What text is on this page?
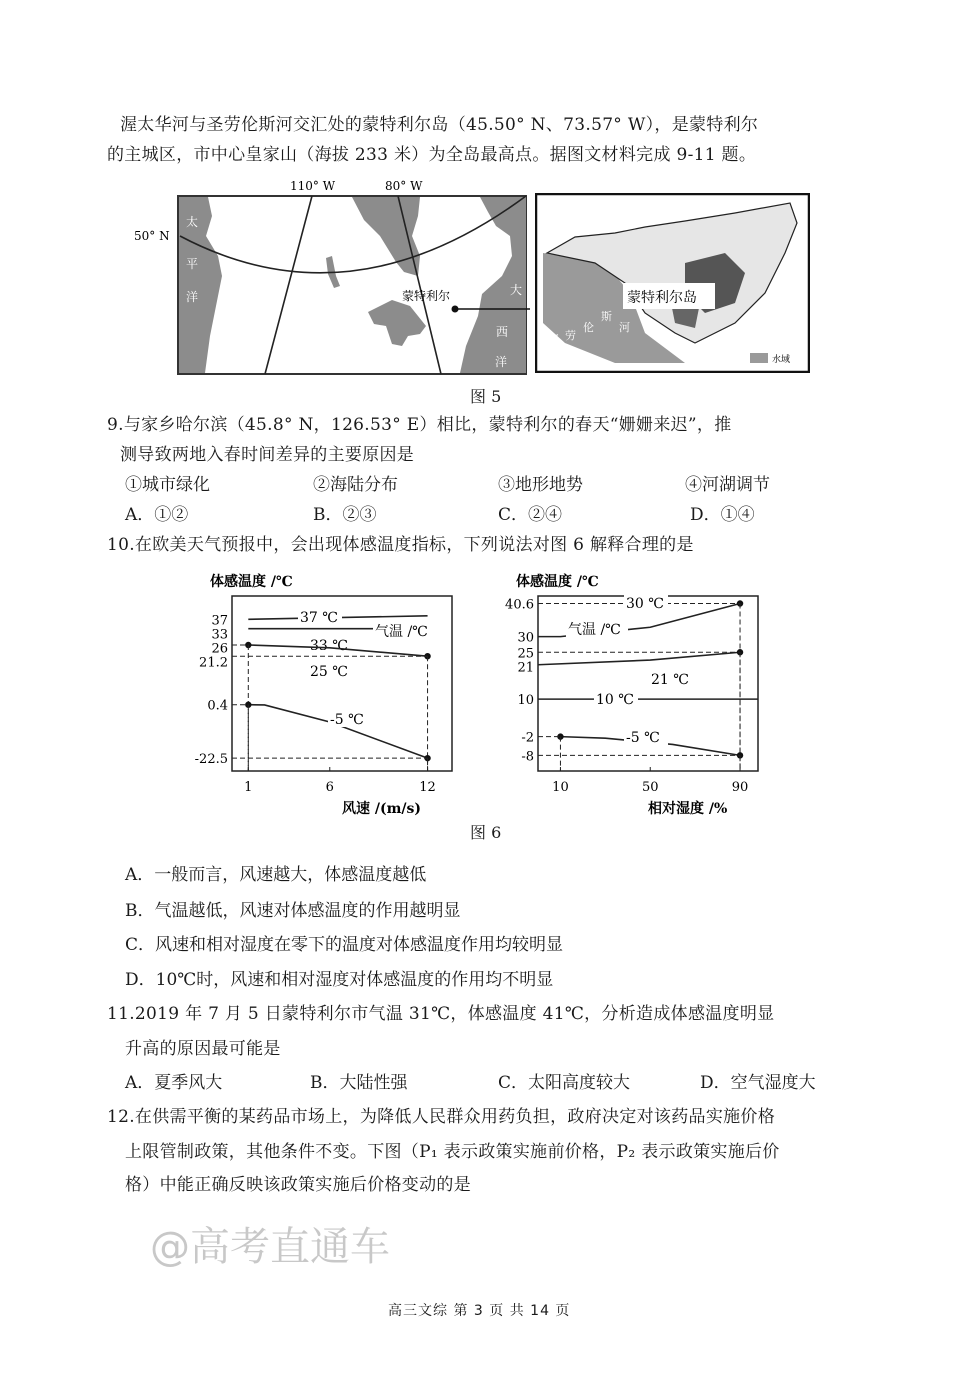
渥太华河与圣劳伦斯河交汇处的蒙特利尔岛（45.50° N、73.57° W），是蒙特利尔
的主城区，市中心皇家山（海拔 233 米）为全岛最高点。据图文材料完成 9-11 题。
110° W	80° W
50° N
太
平
洋	大
西
洋
蒙特利尔	蒙特利尔岛
圣 劳
伦
斯
河
水域
图 5
9.与家乡哈尔滨（45.8° N，126.53° E）相比，蒙特利尔的春天“姗姗来迟”，推
测导致两地入春时间差异的主要原因是
①城市绿化	②海陆分布	③地形地势	④河湖调节
A．①②	B．②③	C．②④	D．①④
10.在欧美天气预报中，会出现体感温度指标，下列说法对图 6 解释合理的是
体感温度 /℃
风速 /(m/s)
1	6	12
37
33
26
21.2
0.4
-22.5
37 ℃
33 ℃
25 ℃
-5 ℃
气温 /℃
体感温度 /℃
相对湿度 /%
10	50	90
40.6
30
25
21
10
-2
-8
30 ℃
21 ℃
10 ℃
-5 ℃
气温 /℃
图 6
A．一般而言，风速越大，体感温度越低
B．气温越低，风速对体感温度的作用越明显
C．风速和相对湿度在零下的温度对体感温度作用均较明显
D．10℃时，风速和相对湿度对体感温度的作用均不明显
11.2019 年 7 月 5 日蒙特利尔市气温 31℃，体感温度 41℃，分析造成体感温度明显
升高的原因最可能是
A．夏季风大	B．大陆性强	C．太阳高度较大	D．空气湿度大
12.在供需平衡的某药品市场上，为降低人民群众用药负担，政府决定对该药品实施价格
上限管制政策，其他条件不变。下图（P₁ 表示政策实施前价格，P₂ 表示政策实施后价
格）中能正确反映该政策实施后价格变动的是
@高考直通车
高三文综 第 3 页 共 14 页
